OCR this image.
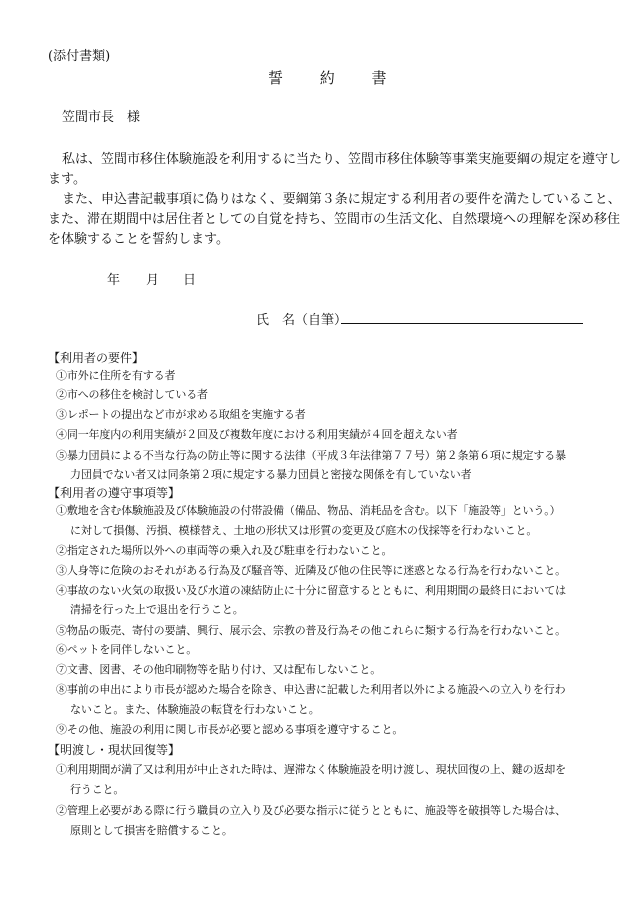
(添付書類)
誓 約 書
笠間市長　様
私は、笠間市移住体験施設を利用するに当たり、笠間市移住体験等事業実施要綱の規定を遵守し
ます。
また、申込書記載事項に偽りはなく、要綱第３条に規定する利用者の要件を満たしていること、
また、滞在期間中は居住者としての自覚を持ち、笠間市の生活文化、自然環境への理解を深め移住
を体験することを誓約します。
年 月 日
氏　名（自筆）
【利用者の要件】
①市外に住所を有する者
②市への移住を検討している者
③レポートの提出など市が求める取組を実施する者
④同一年度内の利用実績が２回及び複数年度における利用実績が４回を超えない者
⑤暴力団員による不当な行為の防止等に関する法律（平成３年法律第７７号）第２条第６項に規定する暴
力団員でない者又は同条第２項に規定する暴力団員と密接な関係を有していない者
【利用者の遵守事項等】
①敷地を含む体験施設及び体験施設の付帯設備（備品、物品、消耗品を含む。以下「施設等」という。）
に対して損傷、汚損、模様替え、土地の形状又は形質の変更及び庭木の伐採等を行わないこと。
②指定された場所以外への車両等の乗入れ及び駐車を行わないこと。
③人身等に危険のおそれがある行為及び騒音等、近隣及び他の住民等に迷惑となる行為を行わないこと。
④事故のない火気の取扱い及び水道の凍結防止に十分に留意するとともに、利用期間の最終日においては
清掃を行った上で退出を行うこと。
⑤物品の販売、寄付の要請、興行、展示会、宗教の普及行為その他これらに類する行為を行わないこと。
⑥ペットを同伴しないこと。
⑦文書、図書、その他印刷物等を貼り付け、又は配布しないこと。
⑧事前の申出により市長が認めた場合を除き、申込書に記載した利用者以外による施設への立入りを行わ
ないこと。また、体験施設の転貸を行わないこと。
⑨その他、施設の利用に関し市長が必要と認める事項を遵守すること。
【明渡し・現状回復等】
①利用期間が満了又は利用が中止された時は、遅滞なく体験施設を明け渡し、現状回復の上、鍵の返却を
行うこと。
②管理上必要がある際に行う職員の立入り及び必要な指示に従うとともに、施設等を破損等した場合は、
原則として損害を賠償すること。
